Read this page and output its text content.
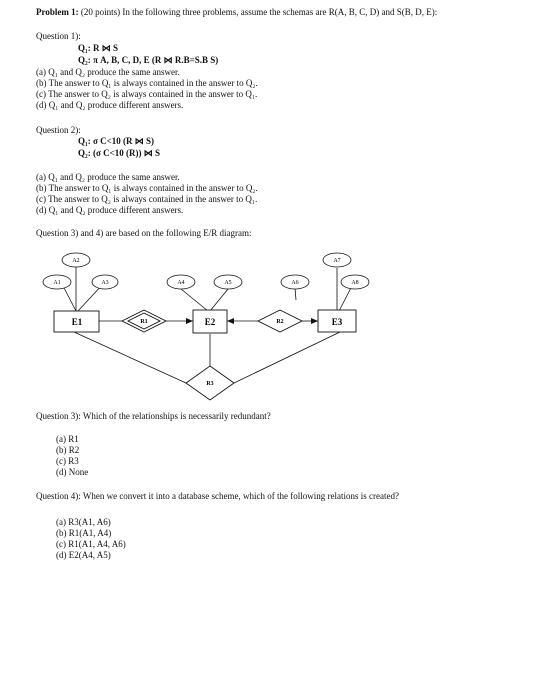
Problem 1: (20 points) In the following three problems, assume the schemas are R(A, B, C, D) and S(B, D, E):
Question 1):
Q₁: R ⋈ S
Q₂: π A, B, C, D, E (R ⋈ R.B=S.B S)
(a) Q₁ and Q₂ produce the same answer.
(b) The answer to Q₁ is always contained in the answer to Q₂.
(c) The answer to Q₂ is always contained in the answer to Q₁.
(d) Q₁ and Q₂ produce different answers.
Question 2):
Q₁: σ C<10 (R ⋈ S)
Q₂: (σ C<10 (R)) ⋈ S
(a) Q₁ and Q₂ produce the same answer.
(b) The answer to Q₁ is always contained in the answer to Q₂.
(c) The answer to Q₂ is always contained in the answer to Q₁.
(d) Q₁ and Q₂ produce different answers.
Question 3) and 4) are based on the following E/R diagram:
A1
A2
A3	A4	A5	A6
A7
A8
E1	E2	E3
R1	R2
R3
Question 3): Which of the relationships is necessarily redundant?
(a) R1
(b) R2
(c) R3
(d) None
Question 4): When we convert it into a database scheme, which of the following relations is created?
(a) R3(A1, A6)
(b) R1(A1, A4)
(c) R1(A1, A4, A6)
(d) E2(A4, A5)
